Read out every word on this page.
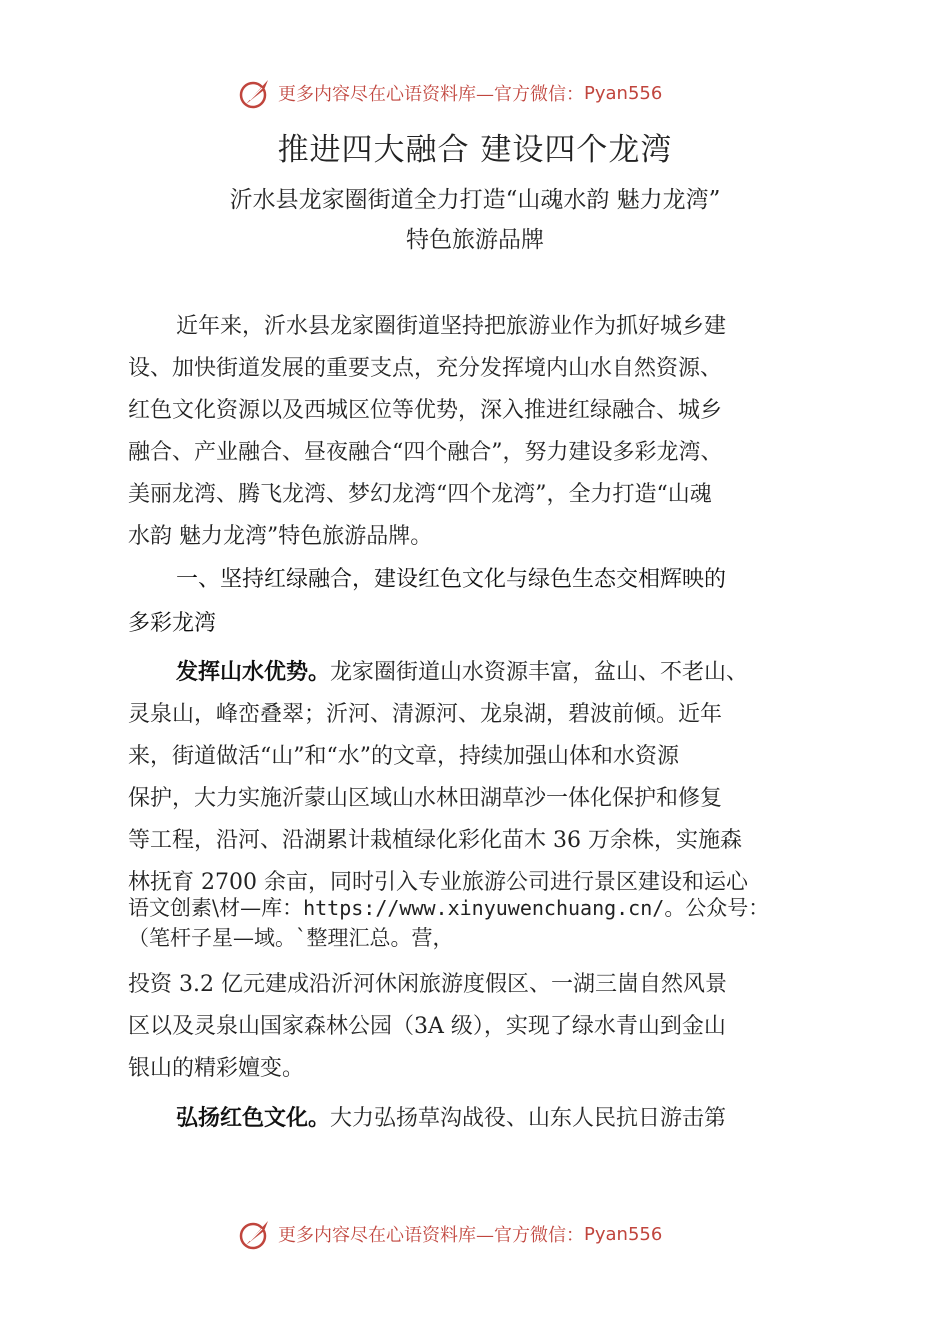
更多内容尽在心语资料库—官方微信： Pyan556
推进四大融合 建设四个龙湾
沂水县龙家圈街道全力打造“山魂水韵 魅力龙湾”
特色旅游品牌

近年来，沂水县龙家圈街道坚持把旅游业作为抓好城乡建

设、加快街道发展的重要支点，充分发挥境内山水自然资源、

红色文化资源以及西城区位等优势，深入推进红绿融合、城乡

融合、产业融合、昼夜融合“四个融合”，努力建设多彩龙湾、

美丽龙湾、腾飞龙湾、梦幻龙湾“四个龙湾”，全力打造“山魂

水韵 魅力龙湾”特色旅游品牌。

一、坚持红绿融合，建设红色文化与绿色生态交相辉映的

多彩龙湾

发挥山水优势。龙家圈街道山水资源丰富，盆山、不老山、

灵泉山，峰峦叠翠；沂河、清源河、龙泉湖，碧波前倾。近年

来，街道做活“山”和“水”的文章，持续加强山体和水资源

保护，大力实施沂蒙山区域山水林田湖草沙一体化保护和修复

等工程，沿河、沿湖累计栽植绿化彩化苗木 36 万余株，实施森

林抚育 2700 余亩，同时引入专业旅游公司进行景区建设和运心

语文创素\材—库：https://www.xinyuwenchuang.cn/。公众号：
（笔杆子星—域。`整理汇总。营，

投资 3.2 亿元建成沿沂河休闲旅游度假区、一湖三崮自然风景

区以及灵泉山国家森林公园（3A 级），实现了绿水青山到金山

银山的精彩嬗变。

弘扬红色文化。大力弘扬草沟战役、山东人民抗日游击第

更多内容尽在心语资料库—官方微信： Pyan556
